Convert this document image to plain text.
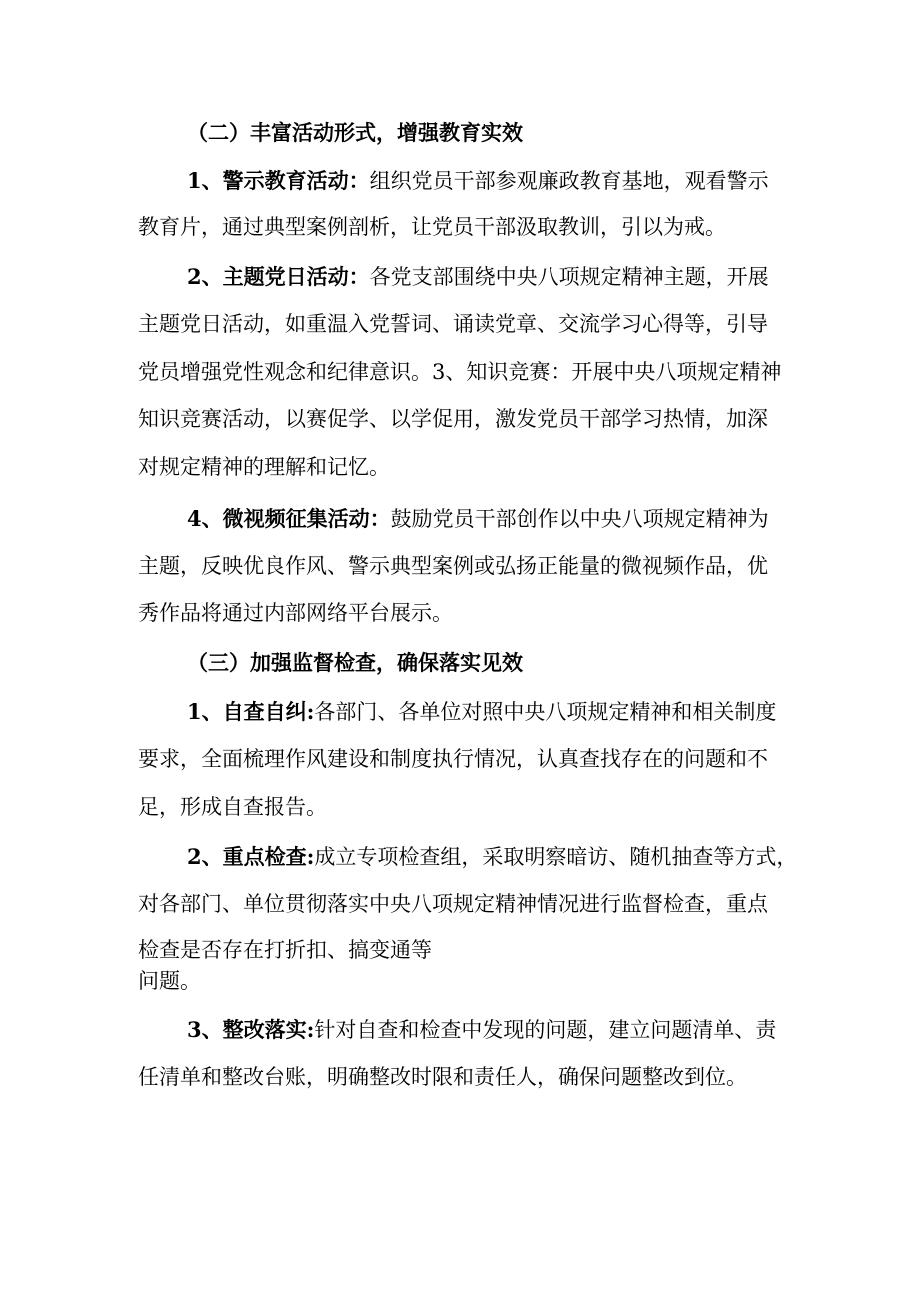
（二）丰富活动形式，增强教育实效

1、警示教育活动：组织党员干部参观廉政教育基地，观看警示

教育片，通过典型案例剖析，让党员干部汲取教训，引以为戒。

2、主题党日活动：各党支部围绕中央八项规定精神主题，开展

主题党日活动，如重温入党誓词、诵读党章、交流学习心得等，引导

党员增强党性观念和纪律意识。3、知识竞赛：开展中央八项规定精神

知识竞赛活动，以赛促学、以学促用，激发党员干部学习热情，加深

对规定精神的理解和记忆。

4、微视频征集活动：鼓励党员干部创作以中央八项规定精神为

主题，反映优良作风、警示典型案例或弘扬正能量的微视频作品，优

秀作品将通过内部网络平台展示。

（三）加强监督检查，确保落实见效

1、自查自纠:各部门、各单位对照中央八项规定精神和相关制度

要求，全面梳理作风建设和制度执行情况，认真查找存在的问题和不

足，形成自查报告。

2、重点检查:成立专项检查组，采取明察暗访、随机抽查等方式，

对各部门、单位贯彻落实中央八项规定精神情况进行监督检查，重点

检查是否存在打折扣、搞变通等

问题。

3、整改落实:针对自查和检查中发现的问题，建立问题清单、责

任清单和整改台账，明确整改时限和责任人，确保问题整改到位。
